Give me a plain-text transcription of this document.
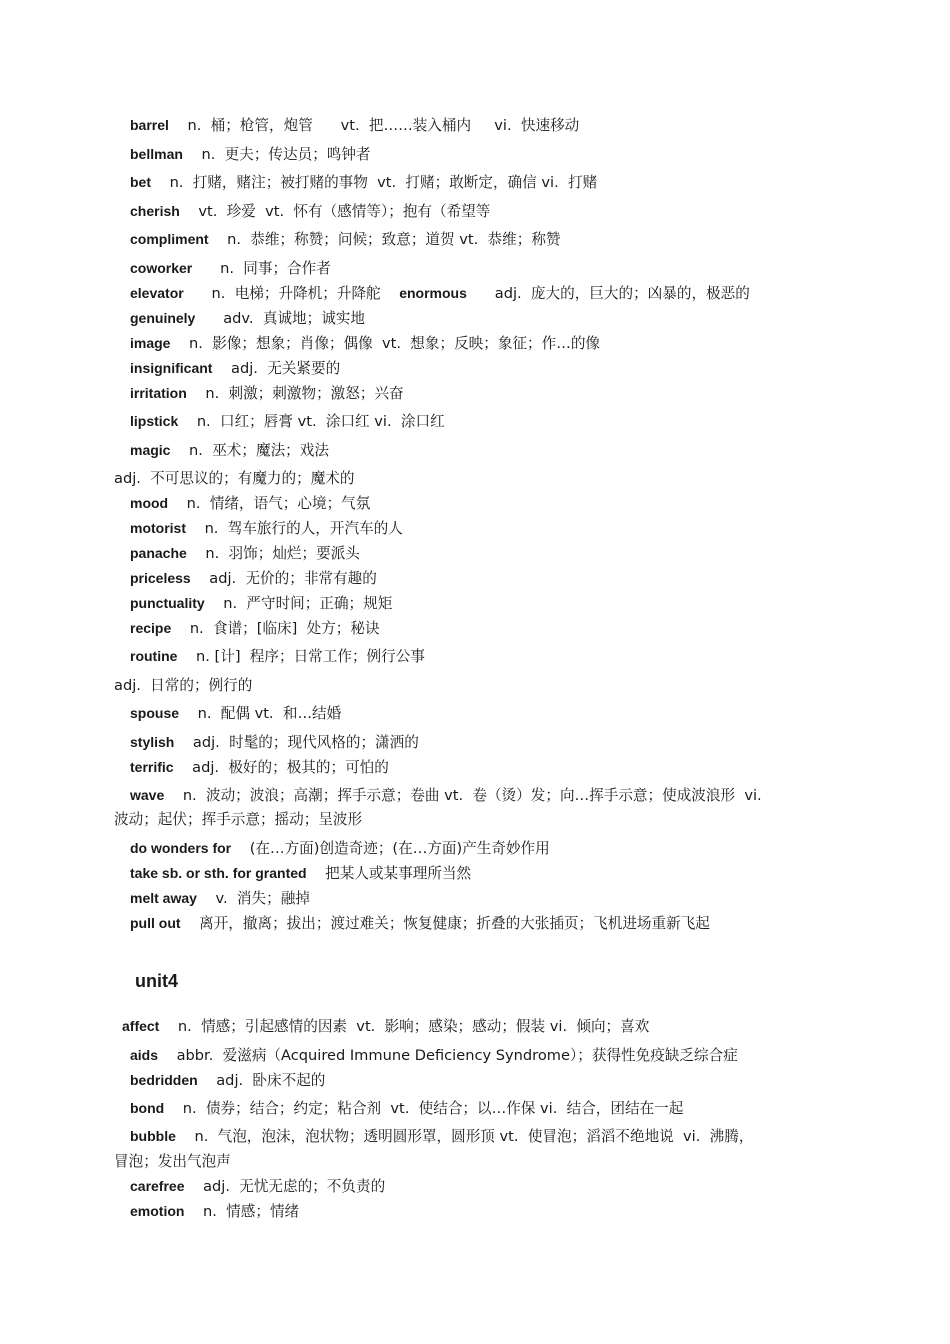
barrel n.  桶；枪管，炮管      vt.  把……装入桶内     vi.  快速移动

bellman n.  更夫；传达员；鸣钟者

bet n.  打赌，赌注；被打赌的事物  vt.  打赌；敢断定，确信 vi.  打赌

cherish vt.  珍爱  vt.  怀有（感情等）；抱有（希望等

compliment n.  恭维；称赞；问候；致意；道贺 vt.  恭维；称赞

coworker n.  同事；合作者

elevator n.  电梯；升降机；升降舵 enormous adj.  庞大的，巨大的；凶暴的，极恶的

genuinely adv.  真诚地；诚实地

image n.  影像；想象；肖像；偶像  vt.  想象；反映；象征；作…的像

insignificant adj.  无关紧要的

irritation n.  刺激；刺激物；激怒；兴奋

lipstick n.  口红；唇膏 vt.  涂口红 vi.  涂口红

magic n.  巫术；魔法；戏法

adj.  不可思议的；有魔力的；魔术的

mood n.  情绪，语气；心境；气氛

motorist n.  驾车旅行的人，开汽车的人

panache n.  羽饰；灿烂；要派头

priceless adj.  无价的；非常有趣的

punctuality n.  严守时间；正确；规矩

recipe n.  食谱；[临床]  处方；秘诀

routine n. [计]  程序；日常工作；例行公事

adj.  日常的；例行的

spouse n.  配偶 vt.  和…结婚

stylish adj.  时髦的；现代风格的；潇洒的

terrific adj.  极好的；极其的；可怕的

wave n.  波动；波浪；高潮；挥手示意；卷曲 vt.  卷（烫）发；向…挥手示意；使成波浪形  vi.

波动；起伏；挥手示意；摇动；呈波形

do wonders for (在…方面)创造奇迹；(在…方面)产生奇妙作用

take sb. or sth. for granted 把某人或某事理所当然

melt away v.  消失；融掉

pull out 离开，撤离；拔出；渡过难关；恢复健康；折叠的大张插页；飞机进场重新飞起

unit4

affect n.  情感；引起感情的因素  vt.  影响；感染；感动；假装 vi.  倾向；喜欢

aids abbr.  爱滋病（Acquired Immune Deficiency Syndrome）；获得性免疫缺乏综合症

bedridden adj.  卧床不起的

bond n.  债券；结合；约定；粘合剂  vt.  使结合；以…作保 vi.  结合，团结在一起

bubble n.  气泡，泡沫，泡状物；透明圆形罩，圆形顶 vt.  使冒泡；滔滔不绝地说  vi.  沸腾，

冒泡；发出气泡声

carefree adj.  无忧无虑的；不负责的

emotion n.  情感；情绪
